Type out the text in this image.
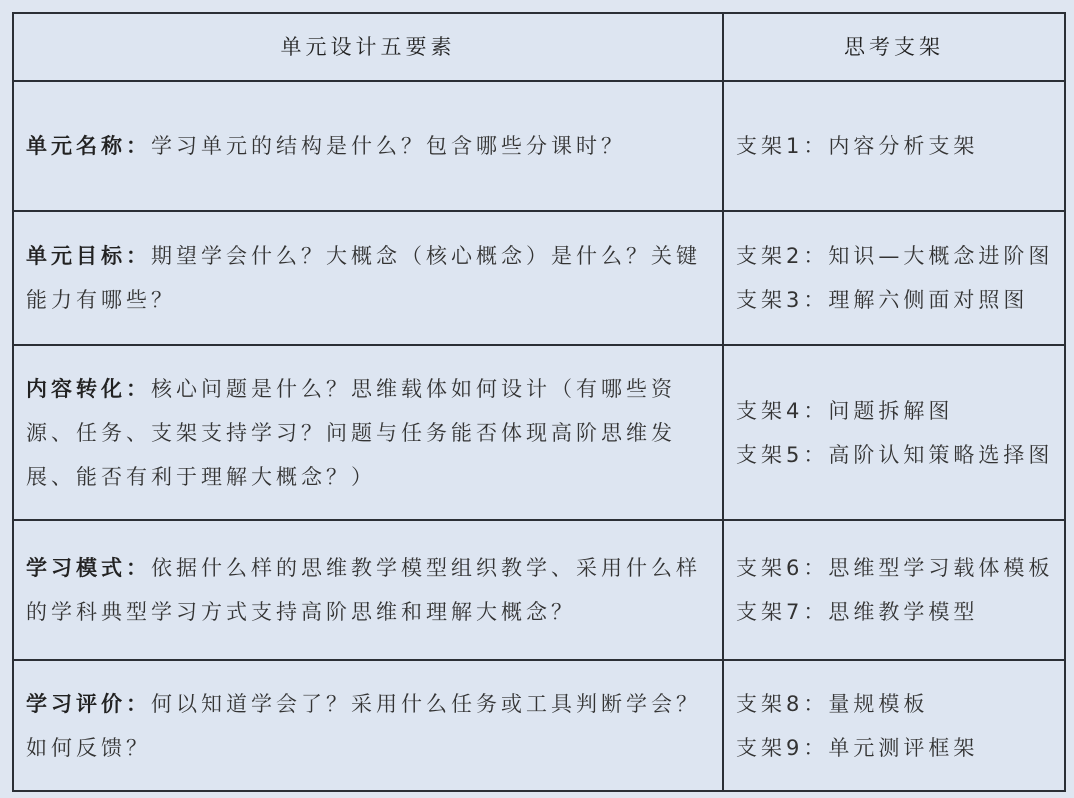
单元设计五要素	思考支架
单元名称：学习单元的结构是什么？包含哪些分课时？	支架1：内容分析支架

单元目标：期望学会什么？大概念（核心概念）是什么？关键能力有哪些？	支架2：知识—大概念进阶图
支架3：理解六侧面对照图

内容转化：核心问题是什么？思维载体如何设计（有哪些资源、任务、支架支持学习？问题与任务能否体现高阶思维发展、能否有利于理解大概念？）	支架4：问题拆解图
支架5：高阶认知策略选择图

学习模式：依据什么样的思维教学模型组织教学、采用什么样的学科典型学习方式支持高阶思维和理解大概念？	支架6：思维型学习载体模板
支架7：思维教学模型

学习评价：何以知道学会了？采用什么任务或工具判断学会？如何反馈？	支架8：量规模板
支架9：单元测评框架
